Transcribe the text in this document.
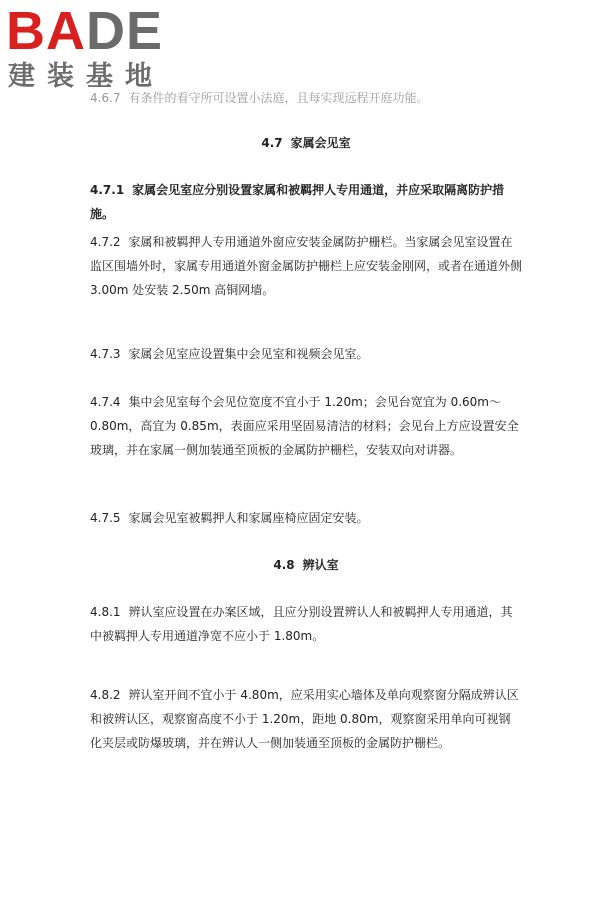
BADE
建装基地

4.6.7 有条件的看守所可设置小法庭，且每实现远程开庭功能。

4.7 家属会见室

4.7.1 家属会见室应分别设置家属和被羁押人专用通道，并应采取隔离防护措施。

4.7.2 家属和被羁押人专用通道外窗应安装金属防护栅栏。当家属会见室设置在监区围墙外时，家属专用通道外窗金属防护栅栏上应安装金刚网，或者在通道外侧 3.00m 处安装 2.50m 高铜网墙。

4.7.3 家属会见室应设置集中会见室和视频会见室。

4.7.4 集中会见室每个会见位宽度不宜小于 1.20m；会见台宽宜为 0.60m～0.80m，高宜为 0.85m，表面应采用坚固易清洁的材料；会见台上方应设置安全玻璃，并在家属一侧加装通至顶板的金属防护栅栏，安装双向对讲器。

4.7.5 家属会见室被羁押人和家属座椅应固定安装。

4.8 辨认室

4.8.1 辨认室应设置在办案区域，且应分别设置辨认人和被羁押人专用通道，其中被羁押人专用通道净宽不应小于 1.80m。

4.8.2 辨认室开间不宜小于 4.80m，应采用实心墙体及单向观察窗分隔成辨认区和被辨认区，观察窗高度不小于 1.20m，距地 0.80m，观察窗采用单向可视钢化夹层或防爆玻璃，并在辨认人一侧加装通至顶板的金属防护栅栏。
